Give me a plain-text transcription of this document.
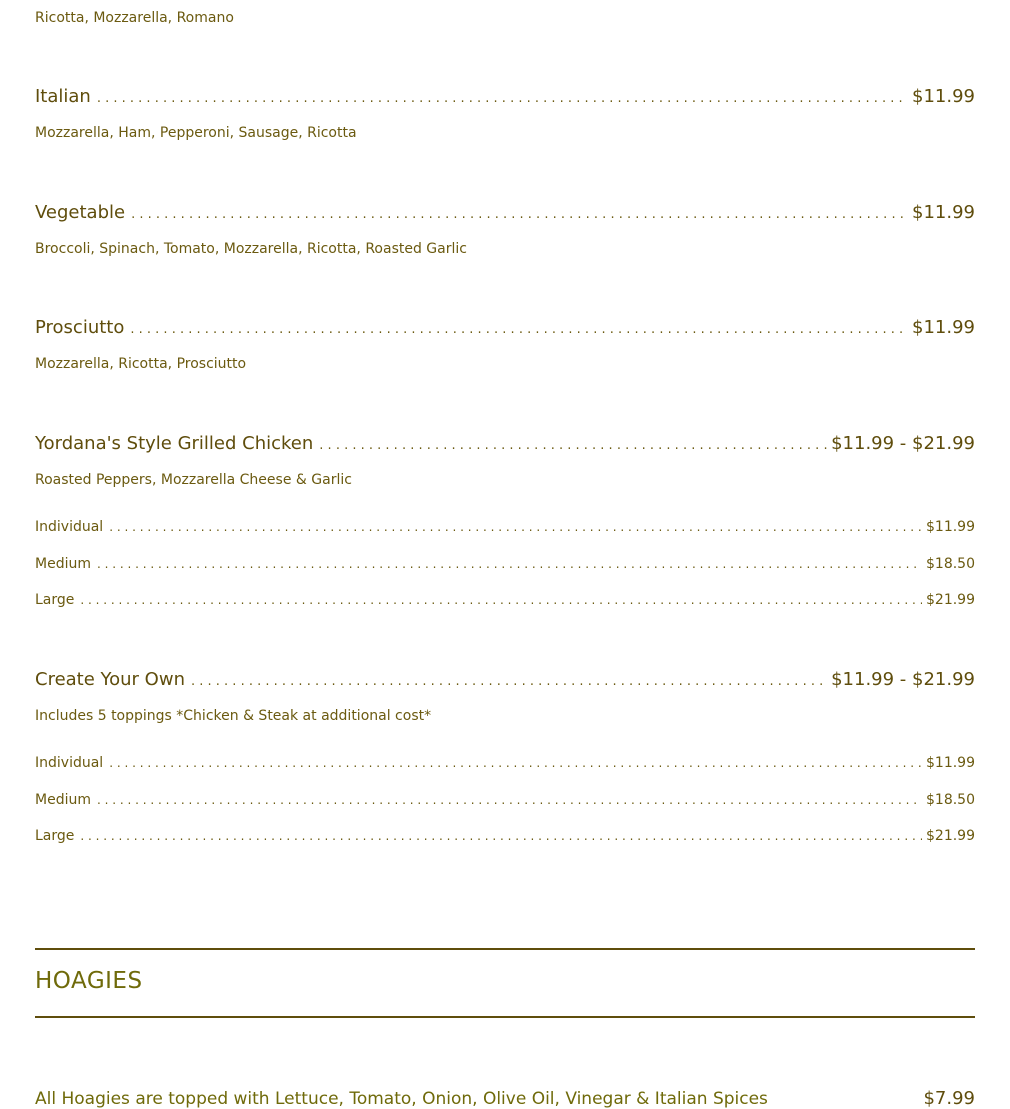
Ricotta, Mozzarella, Romano
Italian . . .	$11.99
Mozzarella, Ham, Pepperoni, Sausage, Ricotta
Vegetable . . .	$11.99
Broccoli, Spinach, Tomato, Mozzarella, Ricotta, Roasted Garlic
Prosciutto . . .	$11.99
Mozzarella, Ricotta, Prosciutto
Yordana's Style Grilled Chicken . . .	$11.99 - $21.99
Roasted Peppers, Mozzarella Cheese & Garlic
Individual . . .	$11.99
Medium . . .	$18.50
Large . . .	$21.99
Create Your Own . . .	$11.99 - $21.99
Includes 5 toppings *Chicken & Steak at additional cost*
Individual . . .	$11.99
Medium . . .	$18.50
Large . . .	$21.99
HOAGIES
All Hoagies are topped with Lettuce, Tomato, Onion, Olive Oil, Vinegar & Italian Spices	$7.99
